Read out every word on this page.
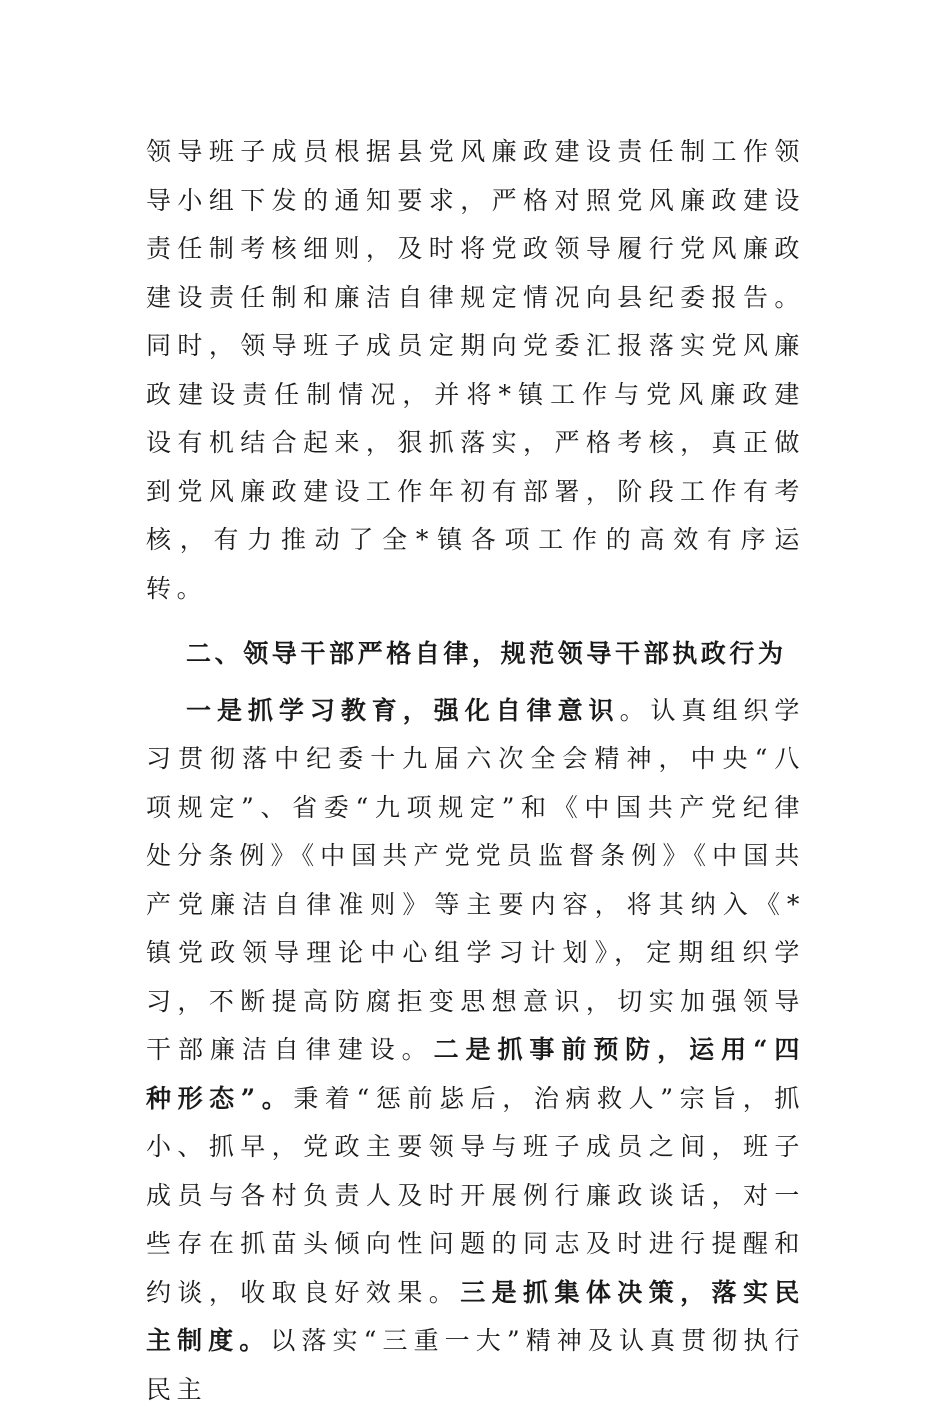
领导班子成员根据县党风廉政建设责任制工作领导小组下发的通知要求，严格对照党风廉政建设责任制考核细则，及时将党政领导履行党风廉政建设责任制和廉洁自律规定情况向县纪委报告。同时，领导班子成员定期向党委汇报落实党风廉政建设责任制情况，并将*镇工作与党风廉政建设有机结合起来，狠抓落实，严格考核，真正做到党风廉政建设工作年初有部署，阶段工作有考核，有力推动了全*镇各项工作的高效有序运转。

二、领导干部严格自律，规范领导干部执政行为

一是抓学习教育，强化自律意识。认真组织学习贯彻落中纪委十九届六次全会精神，中央“八项规定”、省委“九项规定”和《中国共产党纪律处分条例》《中国共产党党员监督条例》《中国共产党廉洁自律准则》等主要内容，将其纳入《*镇党政领导理论中心组学习计划》，定期组织学习，不断提高防腐拒变思想意识，切实加强领导干部廉洁自律建设。二是抓事前预防，运用“四种形态”。秉着“惩前毖后，治病救人”宗旨，抓小、抓早，党政主要领导与班子成员之间，班子成员与各村负责人及时开展例行廉政谈话，对一些存在抓苗头倾向性问题的同志及时进行提醒和约谈，收取良好效果。三是抓集体决策，落实民主制度。以落实“三重一大”精神及认真贯彻执行民主
